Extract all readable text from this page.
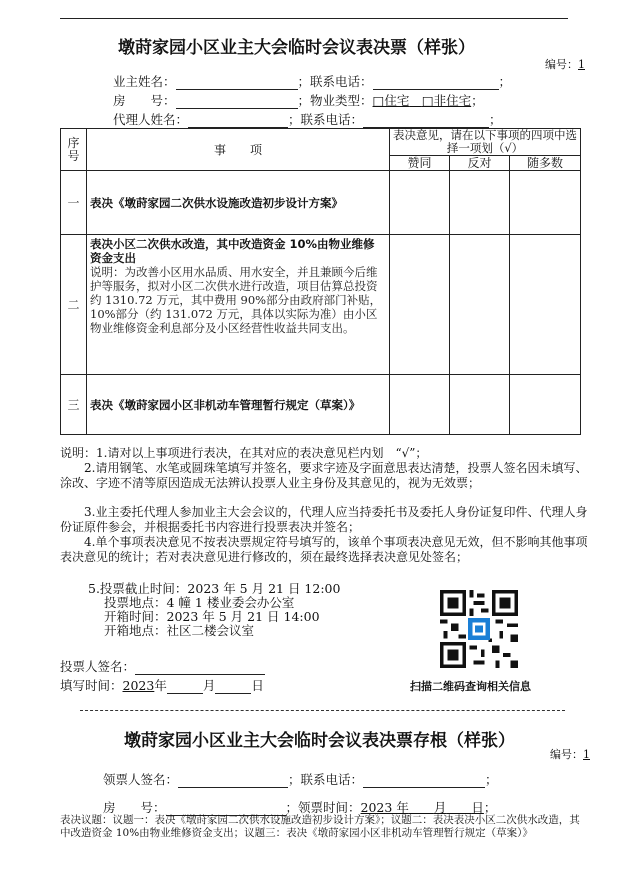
墩莳家园小区业主大会临时会议表决票（样张）
编号：1
业主姓名：	；联系电话：	；
房　　号：	；物业类型：□住宅　 □非住宅；
代理人姓名：	；联系电话：	；
序号	事　　项	表决意见，请在以下事项的四项中选择一项划（√）		
		赞同	反对	随多数
一	表决《墩莳家园二次供水设施改造初步设计方案》			

二	表决小区二次供水改造，其中改造资金 10%由物业维修资金支出
说明：为改善小区用水品质、用水安全，并且兼顾今后维护等服务，拟对小区二次供水进行改造，项目估算总投资约 1310.72 万元，其中费用 90%部分由政府部门补贴，10%部分（约 131.072 万元，具体以实际为准）由小区物业维修资金利息部分及小区经营性收益共同支出。			

三	表决《墩莳家园小区非机动车管理暂行规定（草案）》			

说明：1.请对以上事项进行表决，在其对应的表决意见栏内划　“√”；
　　2.请用钢笔、水笔或圆珠笔填写并签名，要求字迹及字面意思表达清楚，投票人签名因未填写、涂改、字迹不清等原因造成无法辨认投票人业主身份及其意见的，视为无效票；
　　3.业主委托代理人参加业主大会会议的，代理人应当持委托书及委托人身份证复印件、代理人身份证原件参会，并根据委托书内容进行投票表决并签名；
　　4.单个事项表决意见不按表决票规定符号填写的，该单个事项表决意见无效，但不影响其他事项表决意见的统计；若对表决意见进行修改的，须在最终选择表决意见处签名；
5.投票截止时间：2023 年 5 月 21 日 12:00
投票地点：4 幢 1 楼业委会办公室
开箱时间：2023 年 5 月 21 日 14:00
开箱地点：社区二楼会议室
扫描二维码查询相关信息
投票人签名：
填写时间：2023年	月	日
墩莳家园小区业主大会临时会议表决票存根（样张）
编号：1
领票人签名：	；联系电话：	；
房　　号：	；领票时间：2023 年　　 月　　 日；
表决议题：议题一：表决《墩莳家园二次供水设施改造初步设计方案》；议题二：表决表决小区二次供水改造，其中改造资金 10%由物业维修资金支出；议题三：表决《墩莳家园小区非机动车管理暂行规定（草案）》
